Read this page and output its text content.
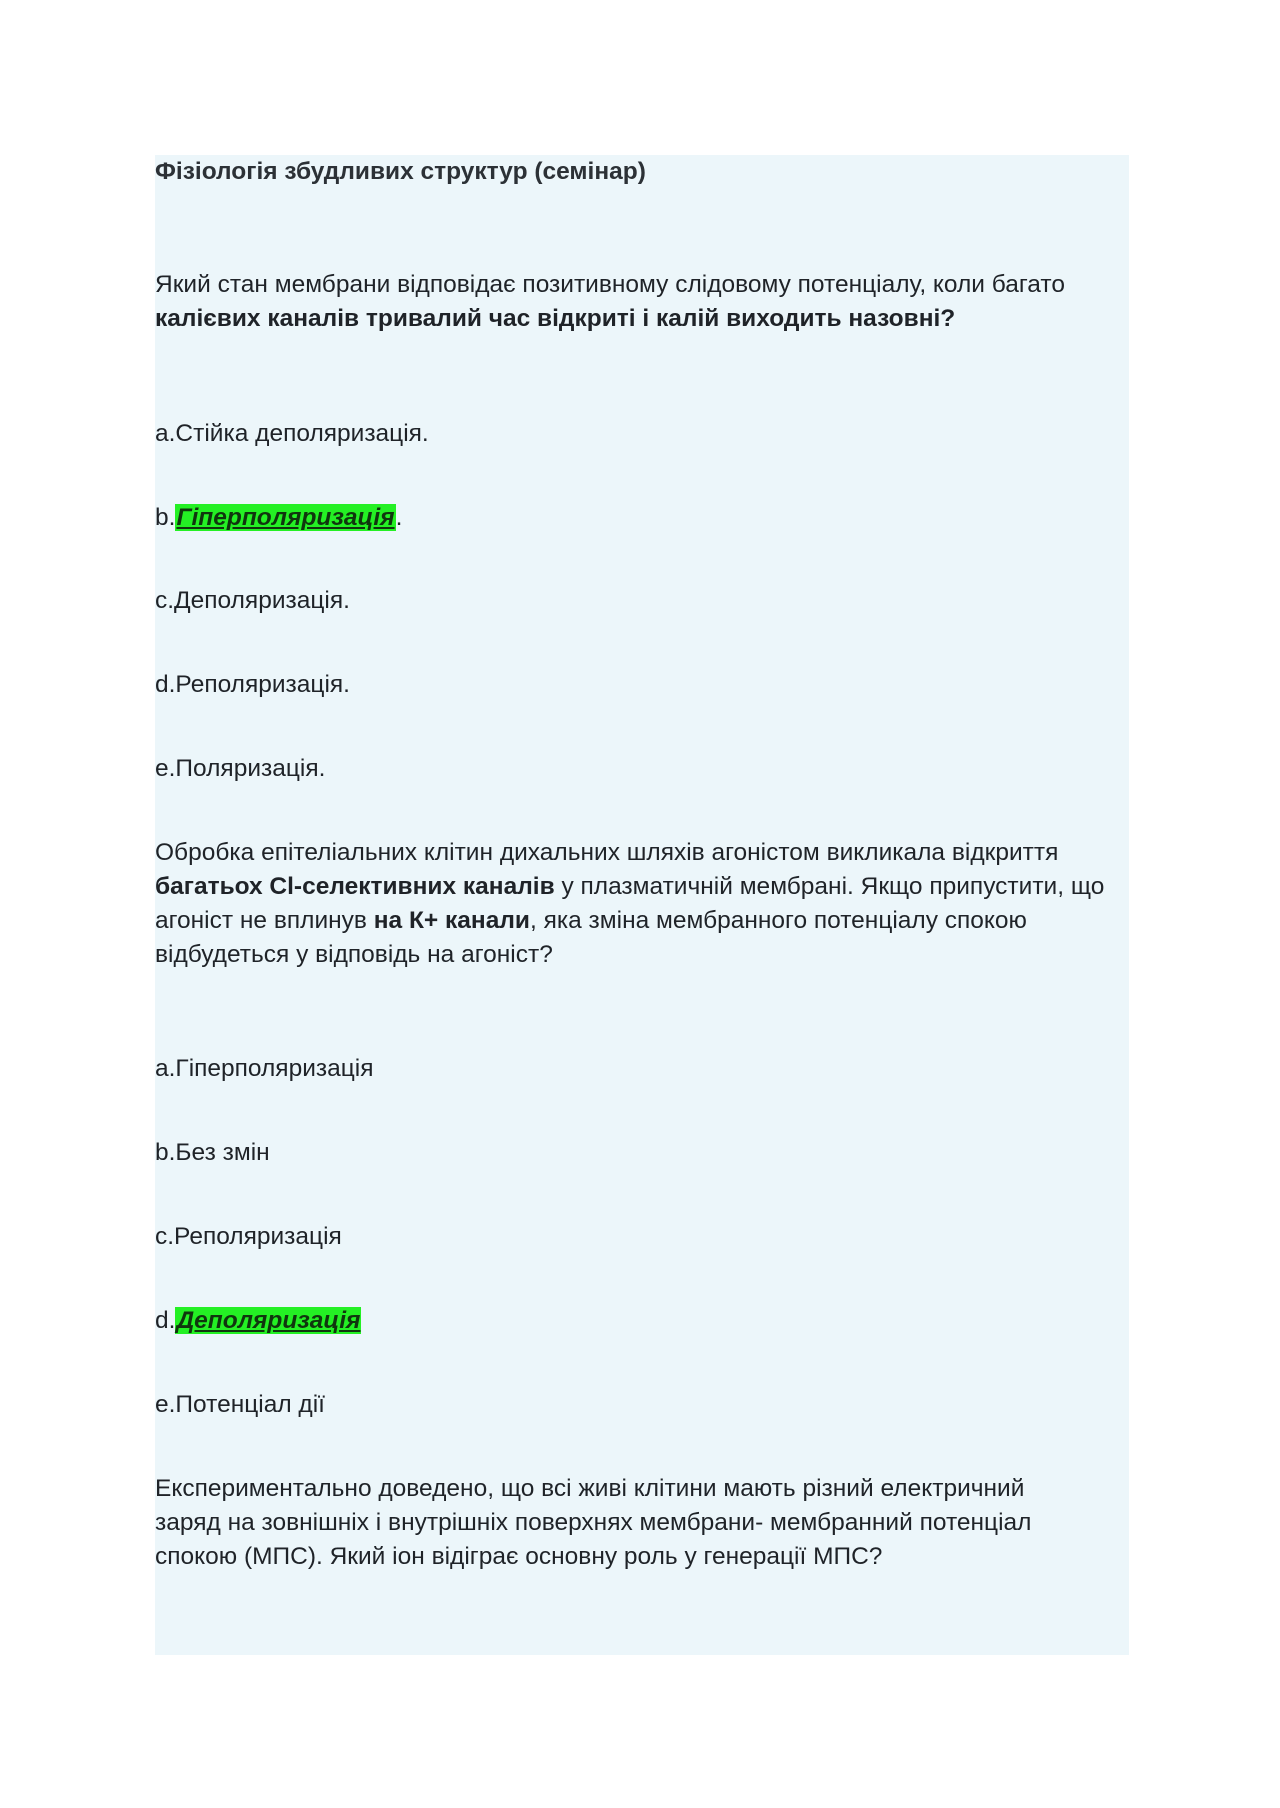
Фізіологія збудливих структур (семінар)

Який стан мембрани відповідає позитивному слідовому потенціалу, коли багато

калієвих каналів тривалий час відкриті і калій виходить назовні?

a.Стійка деполяризація.

b.Гіперполяризація.

c.Деполяризація.

d.Реполяризація.

e.Поляризація.

Обробка епітеліальних клітин дихальних шляхів агоністом викликала відкриття

багатьох Cl-селективних каналів у плазматичній мембрані. Якщо припустити, що

агоніст не вплинув на К+ канали, яка зміна мембранного потенціалу спокою

відбудеться у відповідь на агоніст?

a.Гіперполяризація

b.Без змін

c.Реполяризація

d.Деполяризація

e.Потенціал дії

Експериментально доведено, що всі живі клітини мають різний електричний

заряд на зовнішніх і внутрішніх поверхнях мембрани- мембранний потенціал

спокою (МПС). Який іон відіграє основну роль у генерації МПС?
